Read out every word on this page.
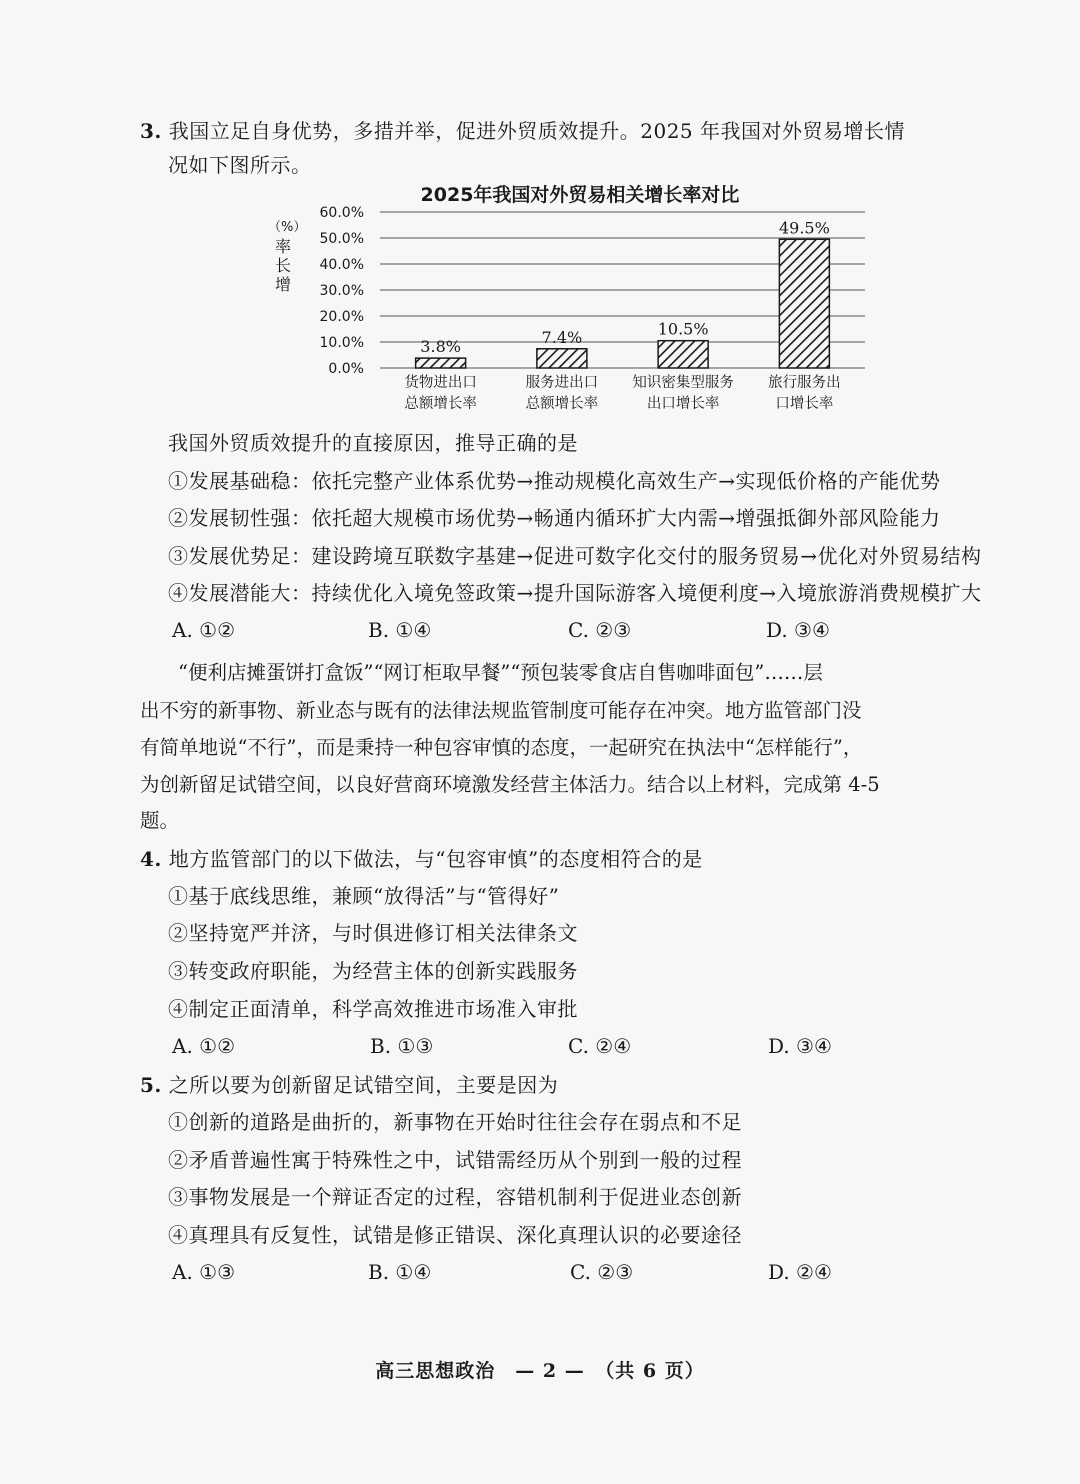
3. 我国立足自身优势，多措并举，促进外贸质效提升。2025 年我国对外贸易增长情
况如下图所示。
2025年我国对外贸易相关增长率对比
（%）
率
长
增
0.0%
10.0%
20.0%
30.0%
40.0%
50.0%
60.0%
3.8%
货物进出口
总额增长率
7.4%
服务进出口
总额增长率
10.5%
知识密集型服务
出口增长率
49.5%
旅行服务出
口增长率
我国外贸质效提升的直接原因，推导正确的是
①发展基础稳：依托完整产业体系优势→推动规模化高效生产→实现低价格的产能优势
②发展韧性强：依托超大规模市场优势→畅通内循环扩大内需→增强抵御外部风险能力
③发展优势足：建设跨境互联数字基建→促进可数字化交付的服务贸易→优化对外贸易结构
④发展潜能大：持续优化入境免签政策→提升国际游客入境便利度→入境旅游消费规模扩大
A. ①②	B. ①④	C. ②③	D. ③④
“便利店摊蛋饼打盒饭”“网订柜取早餐”“预包装零食店自售咖啡面包”……层
出不穷的新事物、新业态与既有的法律法规监管制度可能存在冲突。地方监管部门没
有简单地说“不行”，而是秉持一种包容审慎的态度，一起研究在执法中“怎样能行”，
为创新留足试错空间，以良好营商环境激发经营主体活力。结合以上材料，完成第 4-5
题。
4. 地方监管部门的以下做法，与“包容审慎”的态度相符合的是
①基于底线思维，兼顾“放得活”与“管得好”
②坚持宽严并济，与时俱进修订相关法律条文
③转变政府职能，为经营主体的创新实践服务
④制定正面清单，科学高效推进市场准入审批
A. ①②	B. ①③	C. ②④	D. ③④
5. 之所以要为创新留足试错空间，主要是因为
①创新的道路是曲折的，新事物在开始时往往会存在弱点和不足
②矛盾普遍性寓于特殊性之中，试错需经历从个别到一般的过程
③事物发展是一个辩证否定的过程，容错机制利于促进业态创新
④真理具有反复性，试错是修正错误、深化真理认识的必要途径
A. ①③	B. ①④	C. ②③	D. ②④
高三思想政治　— 2 —　（共 6 页）
